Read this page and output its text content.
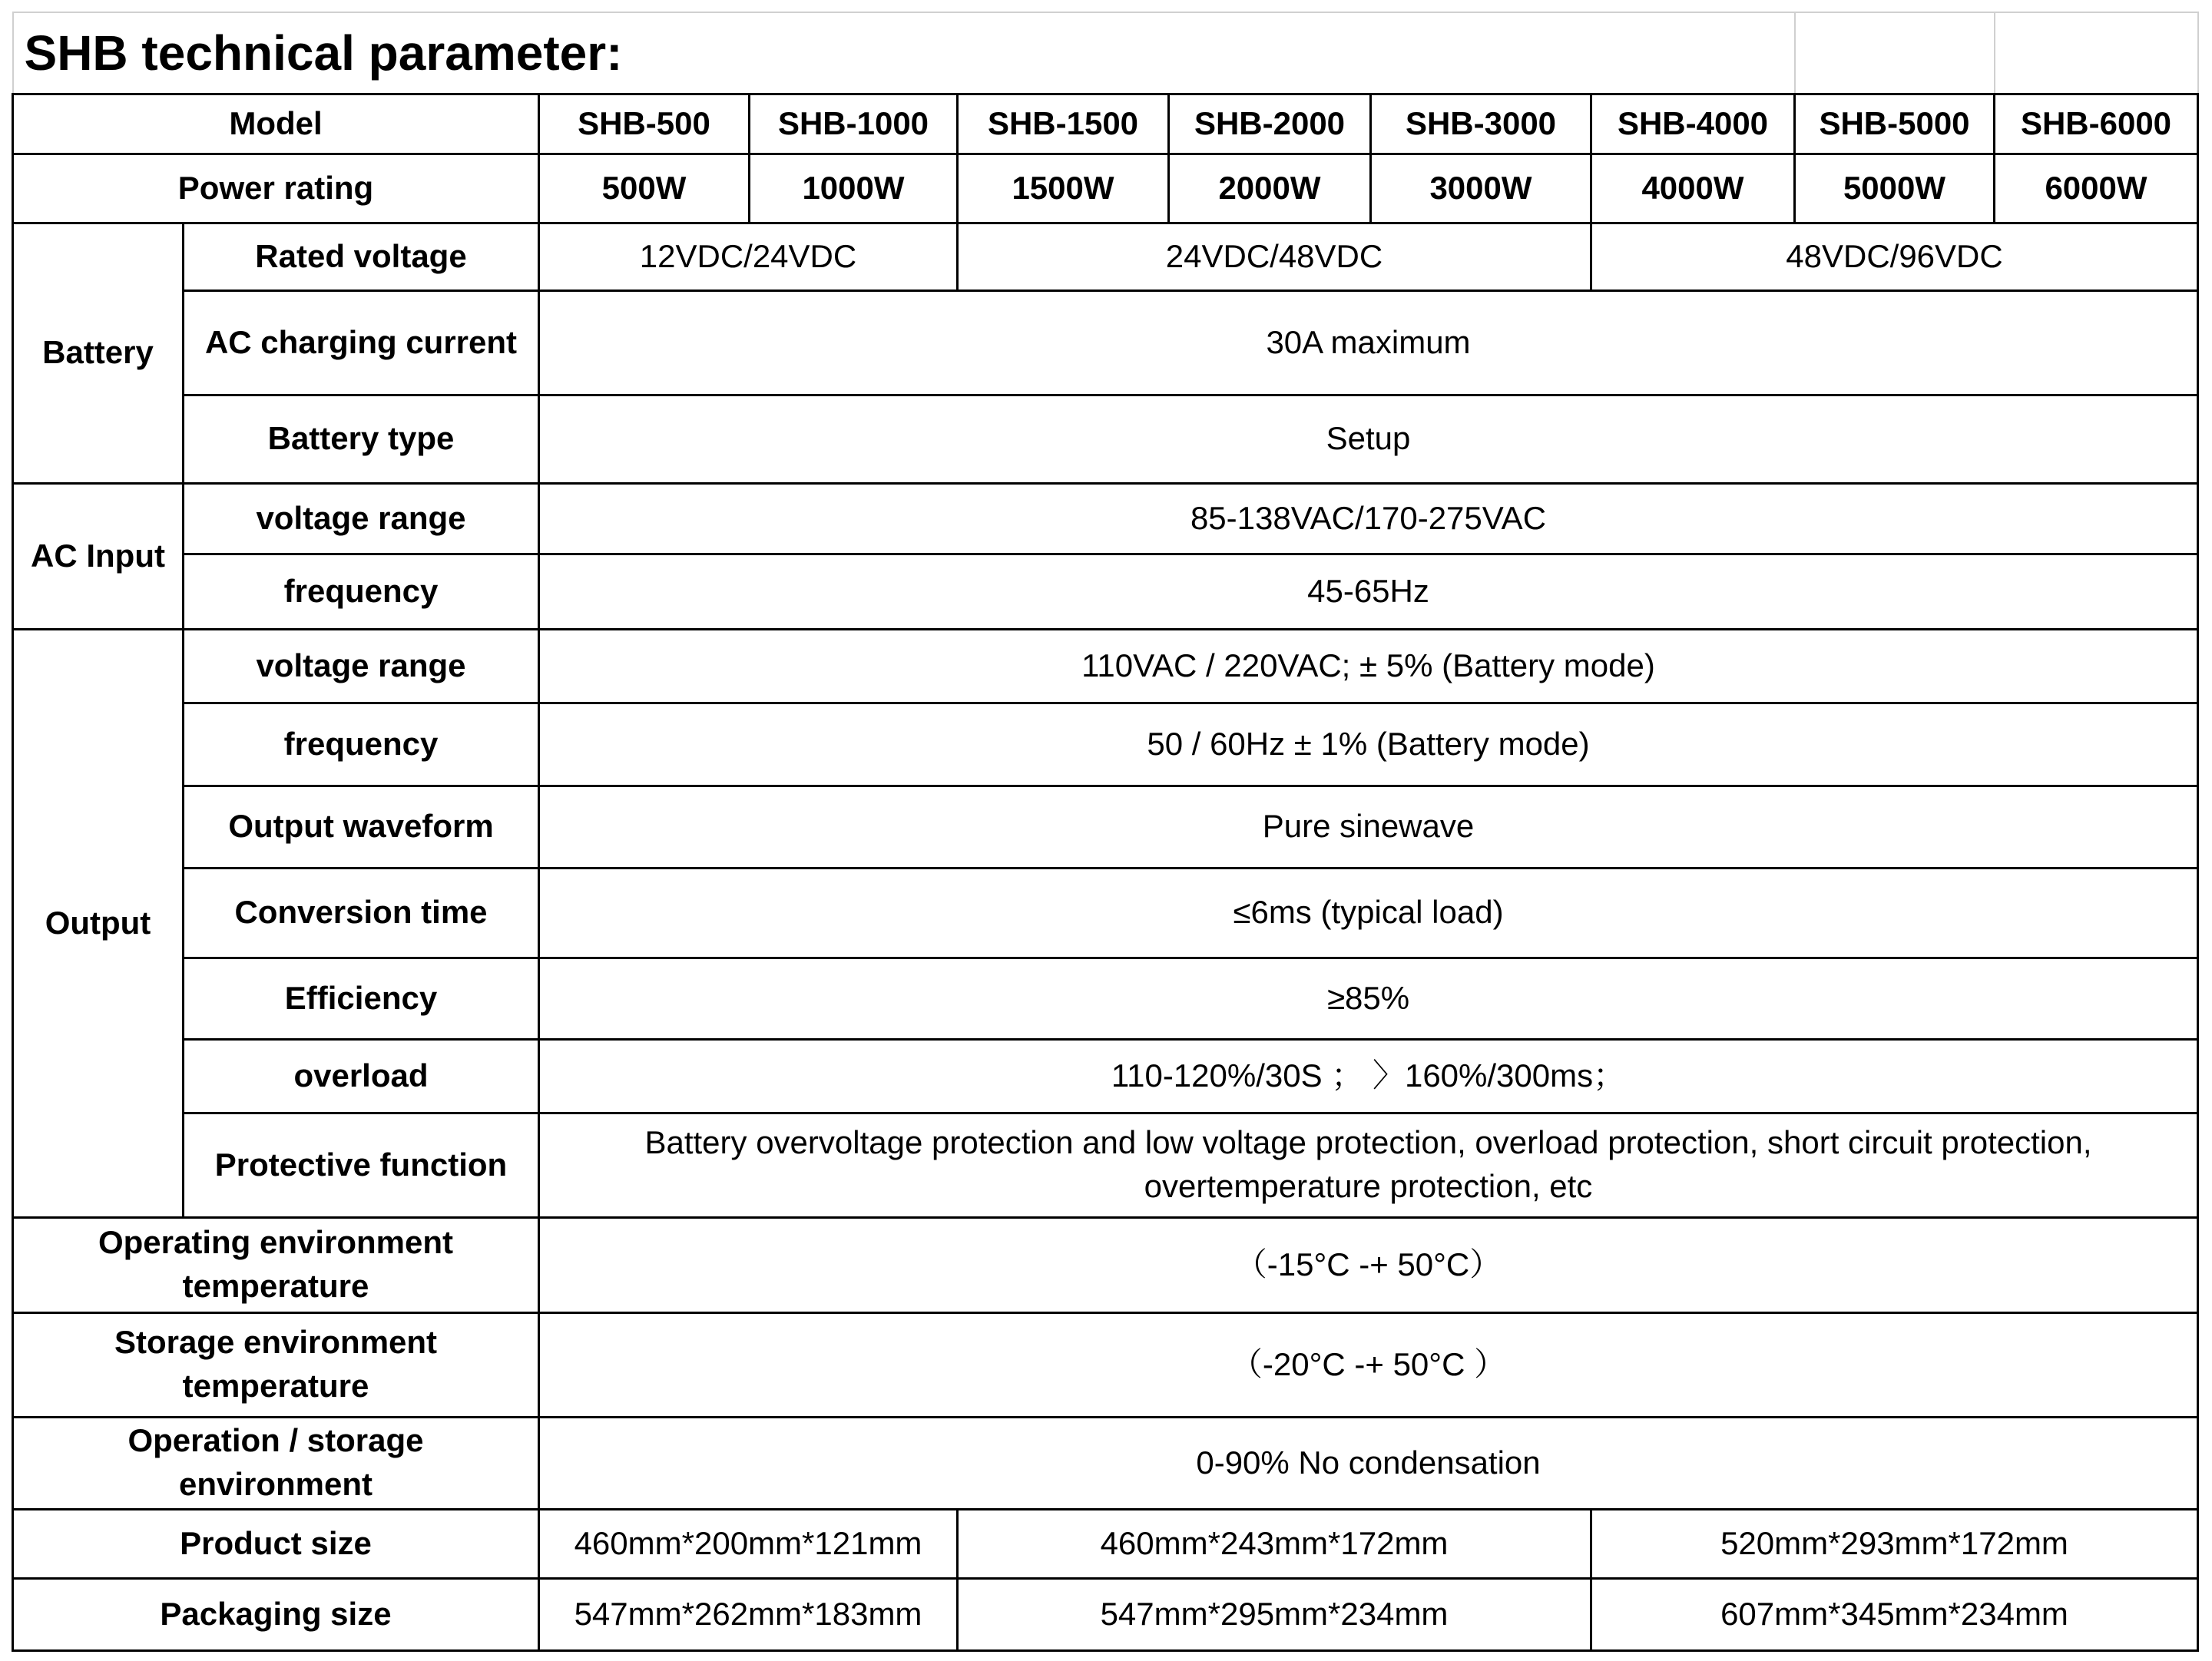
SHB technical parameter:									
Model		SHB-500	SHB-1000	SHB-1500	SHB-2000	SHB-3000	SHB-4000	SHB-5000	SHB-6000
Power rating		500W	1000W	1500W	2000W	3000W	4000W	5000W	6000W
Battery	Rated voltage	12VDC/24VDC		24VDC/48VDC			48VDC/96VDC		
	AC charging current	30A maximum							
	Battery type	Setup							
AC Input	voltage range	85-138VAC/170-275VAC							
	frequency	45-65Hz							
Output	voltage range	110VAC / 220VAC; ± 5% (Battery mode)							
	frequency	50 / 60Hz ± 1% (Battery mode)							
	Output waveform	Pure sinewave							
	Conversion time	≤6ms (typical load)							
	Efficiency	≥85%							
	overload	110-120%/30S ； 〉160%/300ms；							
	Protective function	Battery overvoltage protection and low voltage protection, overload protection, short circuit protection, overtemperature protection, etc							
Operating environment temperature		（-15°C -+ 50°C）							
Storage environment temperature		（-20°C -+ 50°C ）							
Operation / storage environment		0-90% No condensation							
Product size		460mm*200mm*121mm		460mm*243mm*172mm			520mm*293mm*172mm		
Packaging size		547mm*262mm*183mm		547mm*295mm*234mm			607mm*345mm*234mm		
